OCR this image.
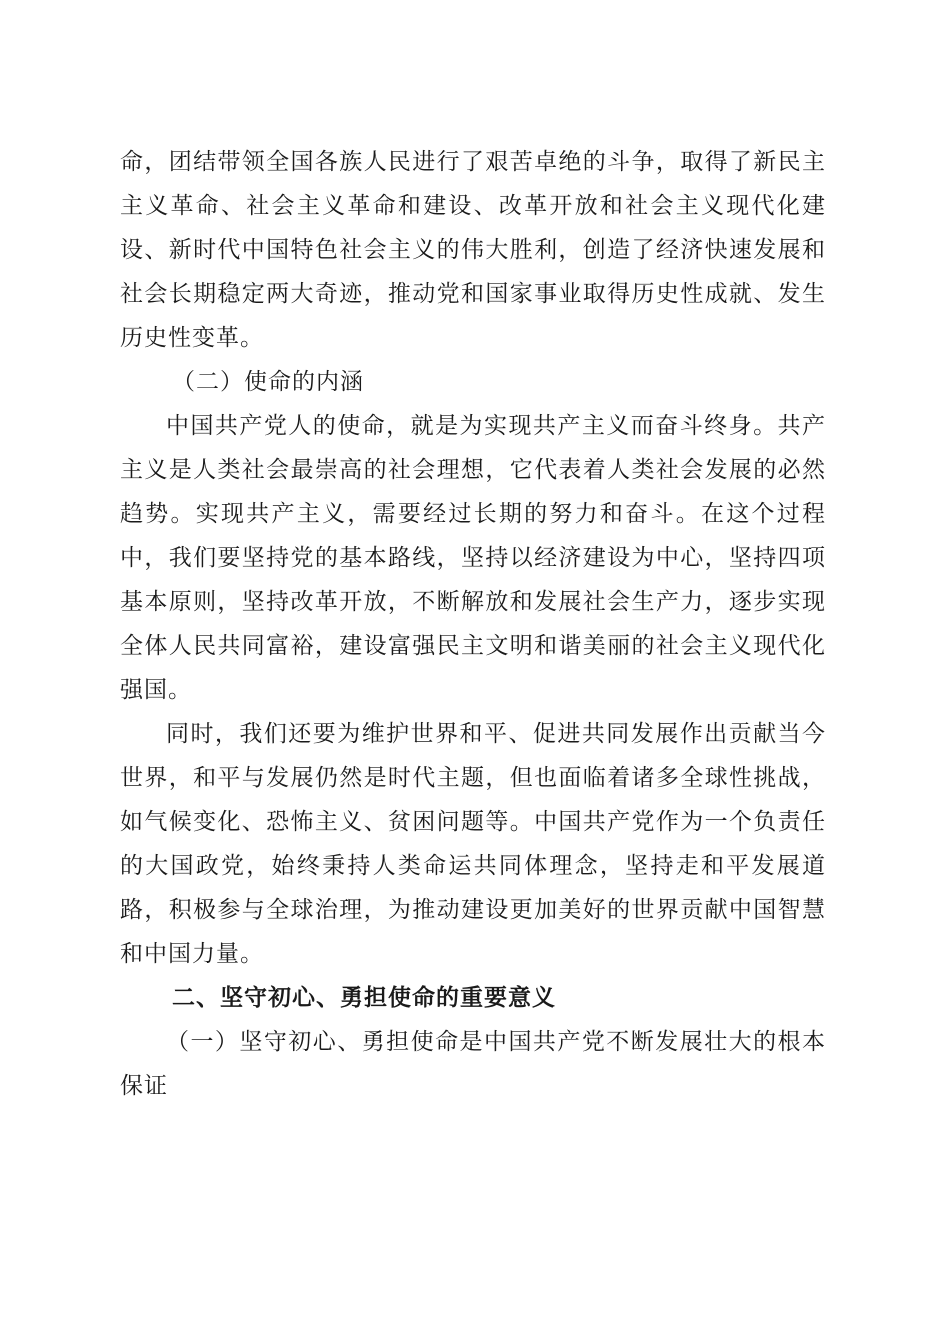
命，团结带领全国各族人民进行了艰苦卓绝的斗争，取得了新民主主义革命、社会主义革命和建设、改革开放和社会主义现代化建设、新时代中国特色社会主义的伟大胜利，创造了经济快速发展和社会长期稳定两大奇迹，推动党和国家事业取得历史性成就、发生历史性变革。

（二）使命的内涵

中国共产党人的使命，就是为实现共产主义而奋斗终身。共产主义是人类社会最崇高的社会理想，它代表着人类社会发展的必然趋势。实现共产主义，需要经过长期的努力和奋斗。在这个过程中，我们要坚持党的基本路线，坚持以经济建设为中心，坚持四项基本原则，坚持改革开放，不断解放和发展社会生产力，逐步实现全体人民共同富裕，建设富强民主文明和谐美丽的社会主义现代化强国。

同时，我们还要为维护世界和平、促进共同发展作出贡献当今世界，和平与发展仍然是时代主题，但也面临着诸多全球性挑战，如气候变化、恐怖主义、贫困问题等。中国共产党作为一个负责任的大国政党，始终秉持人类命运共同体理念，坚持走和平发展道路，积极参与全球治理，为推动建设更加美好的世界贡献中国智慧和中国力量。

二、坚守初心、勇担使命的重要意义

（一）坚守初心、勇担使命是中国共产党不断发展壮大的根本保证
